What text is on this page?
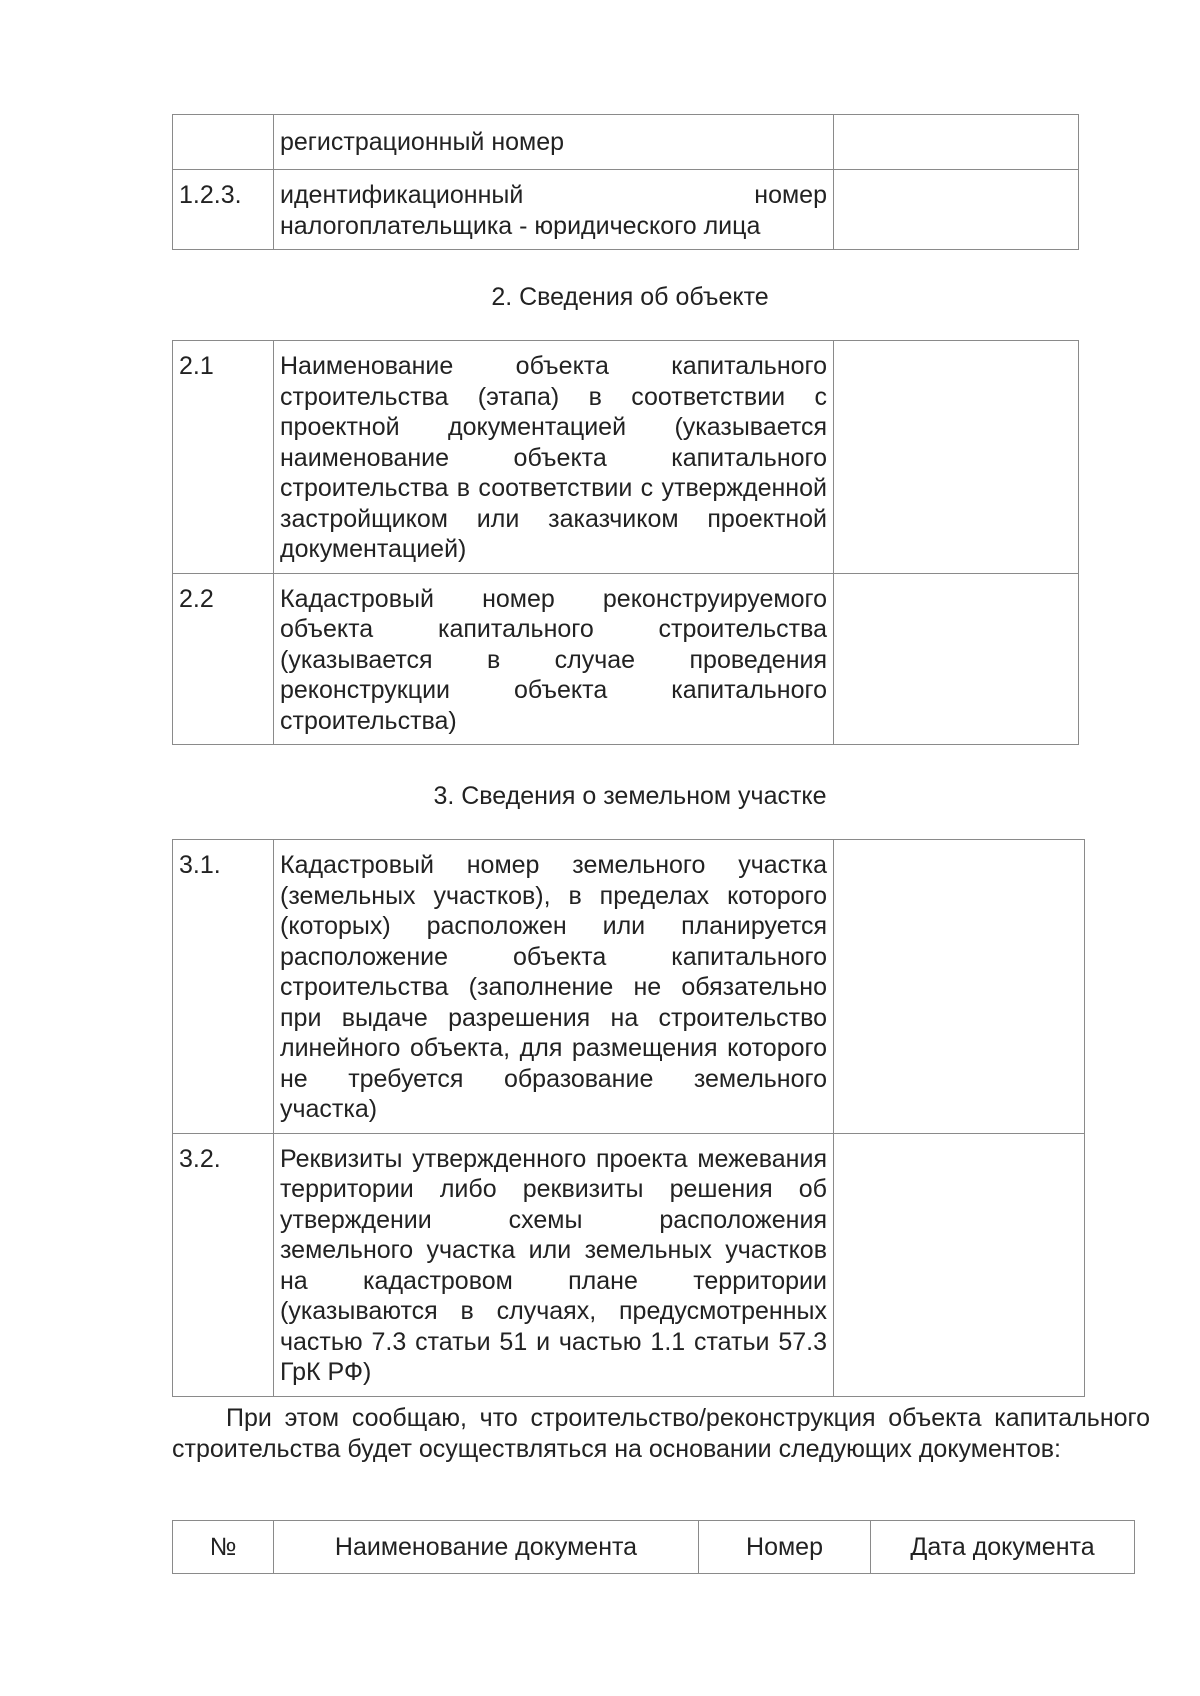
	регистрационный номер	
1.2.3.	идентификационный номер налогоплательщика - юридического лица	
2. Сведения об объекте
2.1	Наименование объекта капитального строительства (этапа) в соответствии с проектной документацией (указывается наименование объекта капитального строительства в соответствии с утвержденной застройщиком или заказчиком проектной документацией)	
2.2	Кадастровый номер реконструируемого объекта капитального строительства (указывается в случае проведения реконструкции объекта капитального строительства)	
3. Сведения о земельном участке
3.1.	Кадастровый номер земельного участка (земельных участков), в пределах которого (которых) расположен или планируется расположение объекта капитального строительства (заполнение не обязательно при выдаче разрешения на строительство линейного объекта, для размещения которого не требуется образование земельного участка)	
3.2.	Реквизиты утвержденного проекта межевания территории либо реквизиты решения об утверждении схемы расположения земельного участка или земельных участков на кадастровом плане территории (указываются в случаях, предусмотренных частью 7.3 статьи 51 и частью 1.1 статьи 57.3 ГрК РФ)	
При этом сообщаю, что строительство/реконструкция объекта капитального строительства будет осуществляться на основании следующих документов:
№	Наименование документа	Номер	Дата документа
